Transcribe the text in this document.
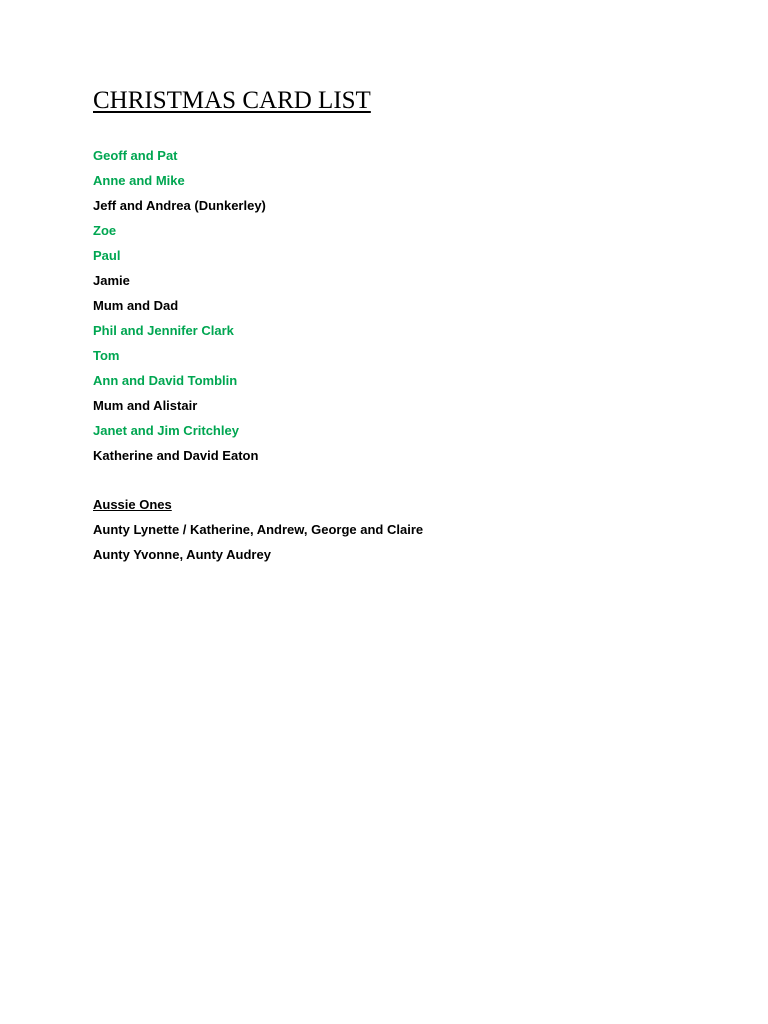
CHRISTMAS CARD LIST
Geoff and Pat
Anne and Mike
Jeff and Andrea (Dunkerley)
Zoe
Paul
Jamie
Mum and Dad
Phil and Jennifer Clark
Tom
Ann and David Tomblin
Mum and Alistair
Janet and Jim Critchley
Katherine and David Eaton
Aussie Ones
Aunty Lynette / Katherine, Andrew, George and Claire
Aunty Yvonne, Aunty Audrey
